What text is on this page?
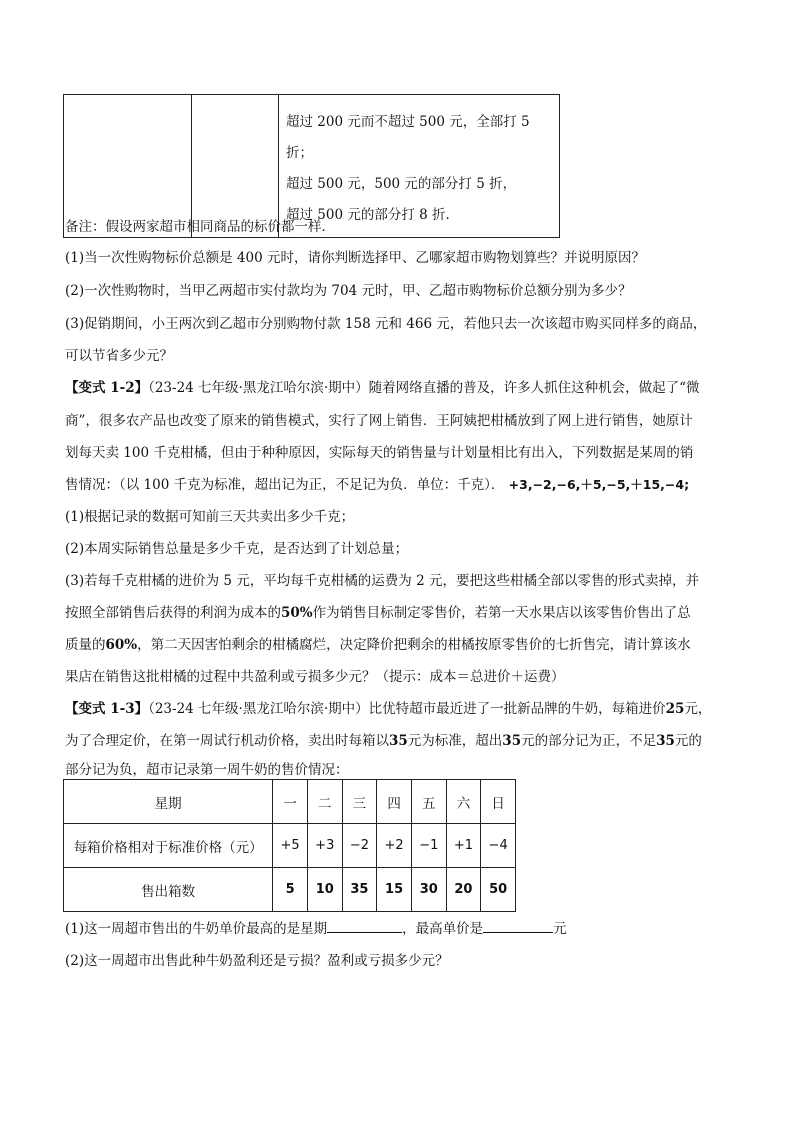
超过 200 元而不超过 500 元，全部打 5 折；
超过 500 元，500 元的部分打 5 折，
超过 500 元的部分打 8 折．
备注：假设两家超市相同商品的标价都一样．
(1)当一次性购物标价总额是 400 元时，请你判断选择甲、乙哪家超市购物划算些？并说明原因？
(2)一次性购物时，当甲乙两超市实付款均为 704 元时，甲、乙超市购物标价总额分别为多少？
(3)促销期间，小王两次到乙超市分别购物付款 158 元和 466 元，若他只去一次该超市购买同样多的商品，
可以节省多少元？
【变式 1-2】（23-24 七年级·黑龙江哈尔滨·期中）随着网络直播的普及，许多人抓住这种机会，做起了“微
商”，很多农产品也改变了原来的销售模式，实行了网上销售．王阿姨把柑橘放到了网上进行销售，她原计
划每天卖 100 千克柑橘，但由于种种原因，实际每天的销售量与计划量相比有出入，下列数据是某周的销
售情况：（以 100 千克为标准，超出记为正，不足记为负．单位：千克）． +3,−2,−6,＋5,−5,＋15,−4;
(1)根据记录的数据可知前三天共卖出多少千克；
(2)本周实际销售总量是多少千克，是否达到了计划总量；
(3)若每千克柑橘的进价为 5 元，平均每千克柑橘的运费为 2 元，要把这些柑橘全部以零售的形式卖掉，并
按照全部销售后获得的利润为成本的50%作为销售目标制定零售价，若第一天水果店以该零售价售出了总
质量的60%，第二天因害怕剩余的柑橘腐烂，决定降价把剩余的柑橘按原零售价的七折售完，请计算该水
果店在销售这批柑橘的过程中共盈利或亏损多少元？（提示：成本＝总进价＋运费）
【变式 1-3】（23-24 七年级·黑龙江哈尔滨·期中）比优特超市最近进了一批新品牌的牛奶，每箱进价25元，
为了合理定价，在第一周试行机动价格，卖出时每箱以35元为标准，超出35元的部分记为正，不足35元的
部分记为负，超市记录第一周牛奶的售价情况：
星期	一	二	三	四	五	六	日
每箱价格相对于标准价格（元）	+5	+3	−2	+2	−1	+1	−4
售出箱数	5	10	35	15	30	20	50
(1)这一周超市售出的牛奶单价最高的是星期	，最高单价是	元
(2)这一周超市出售此种牛奶盈利还是亏损？盈利或亏损多少元？
